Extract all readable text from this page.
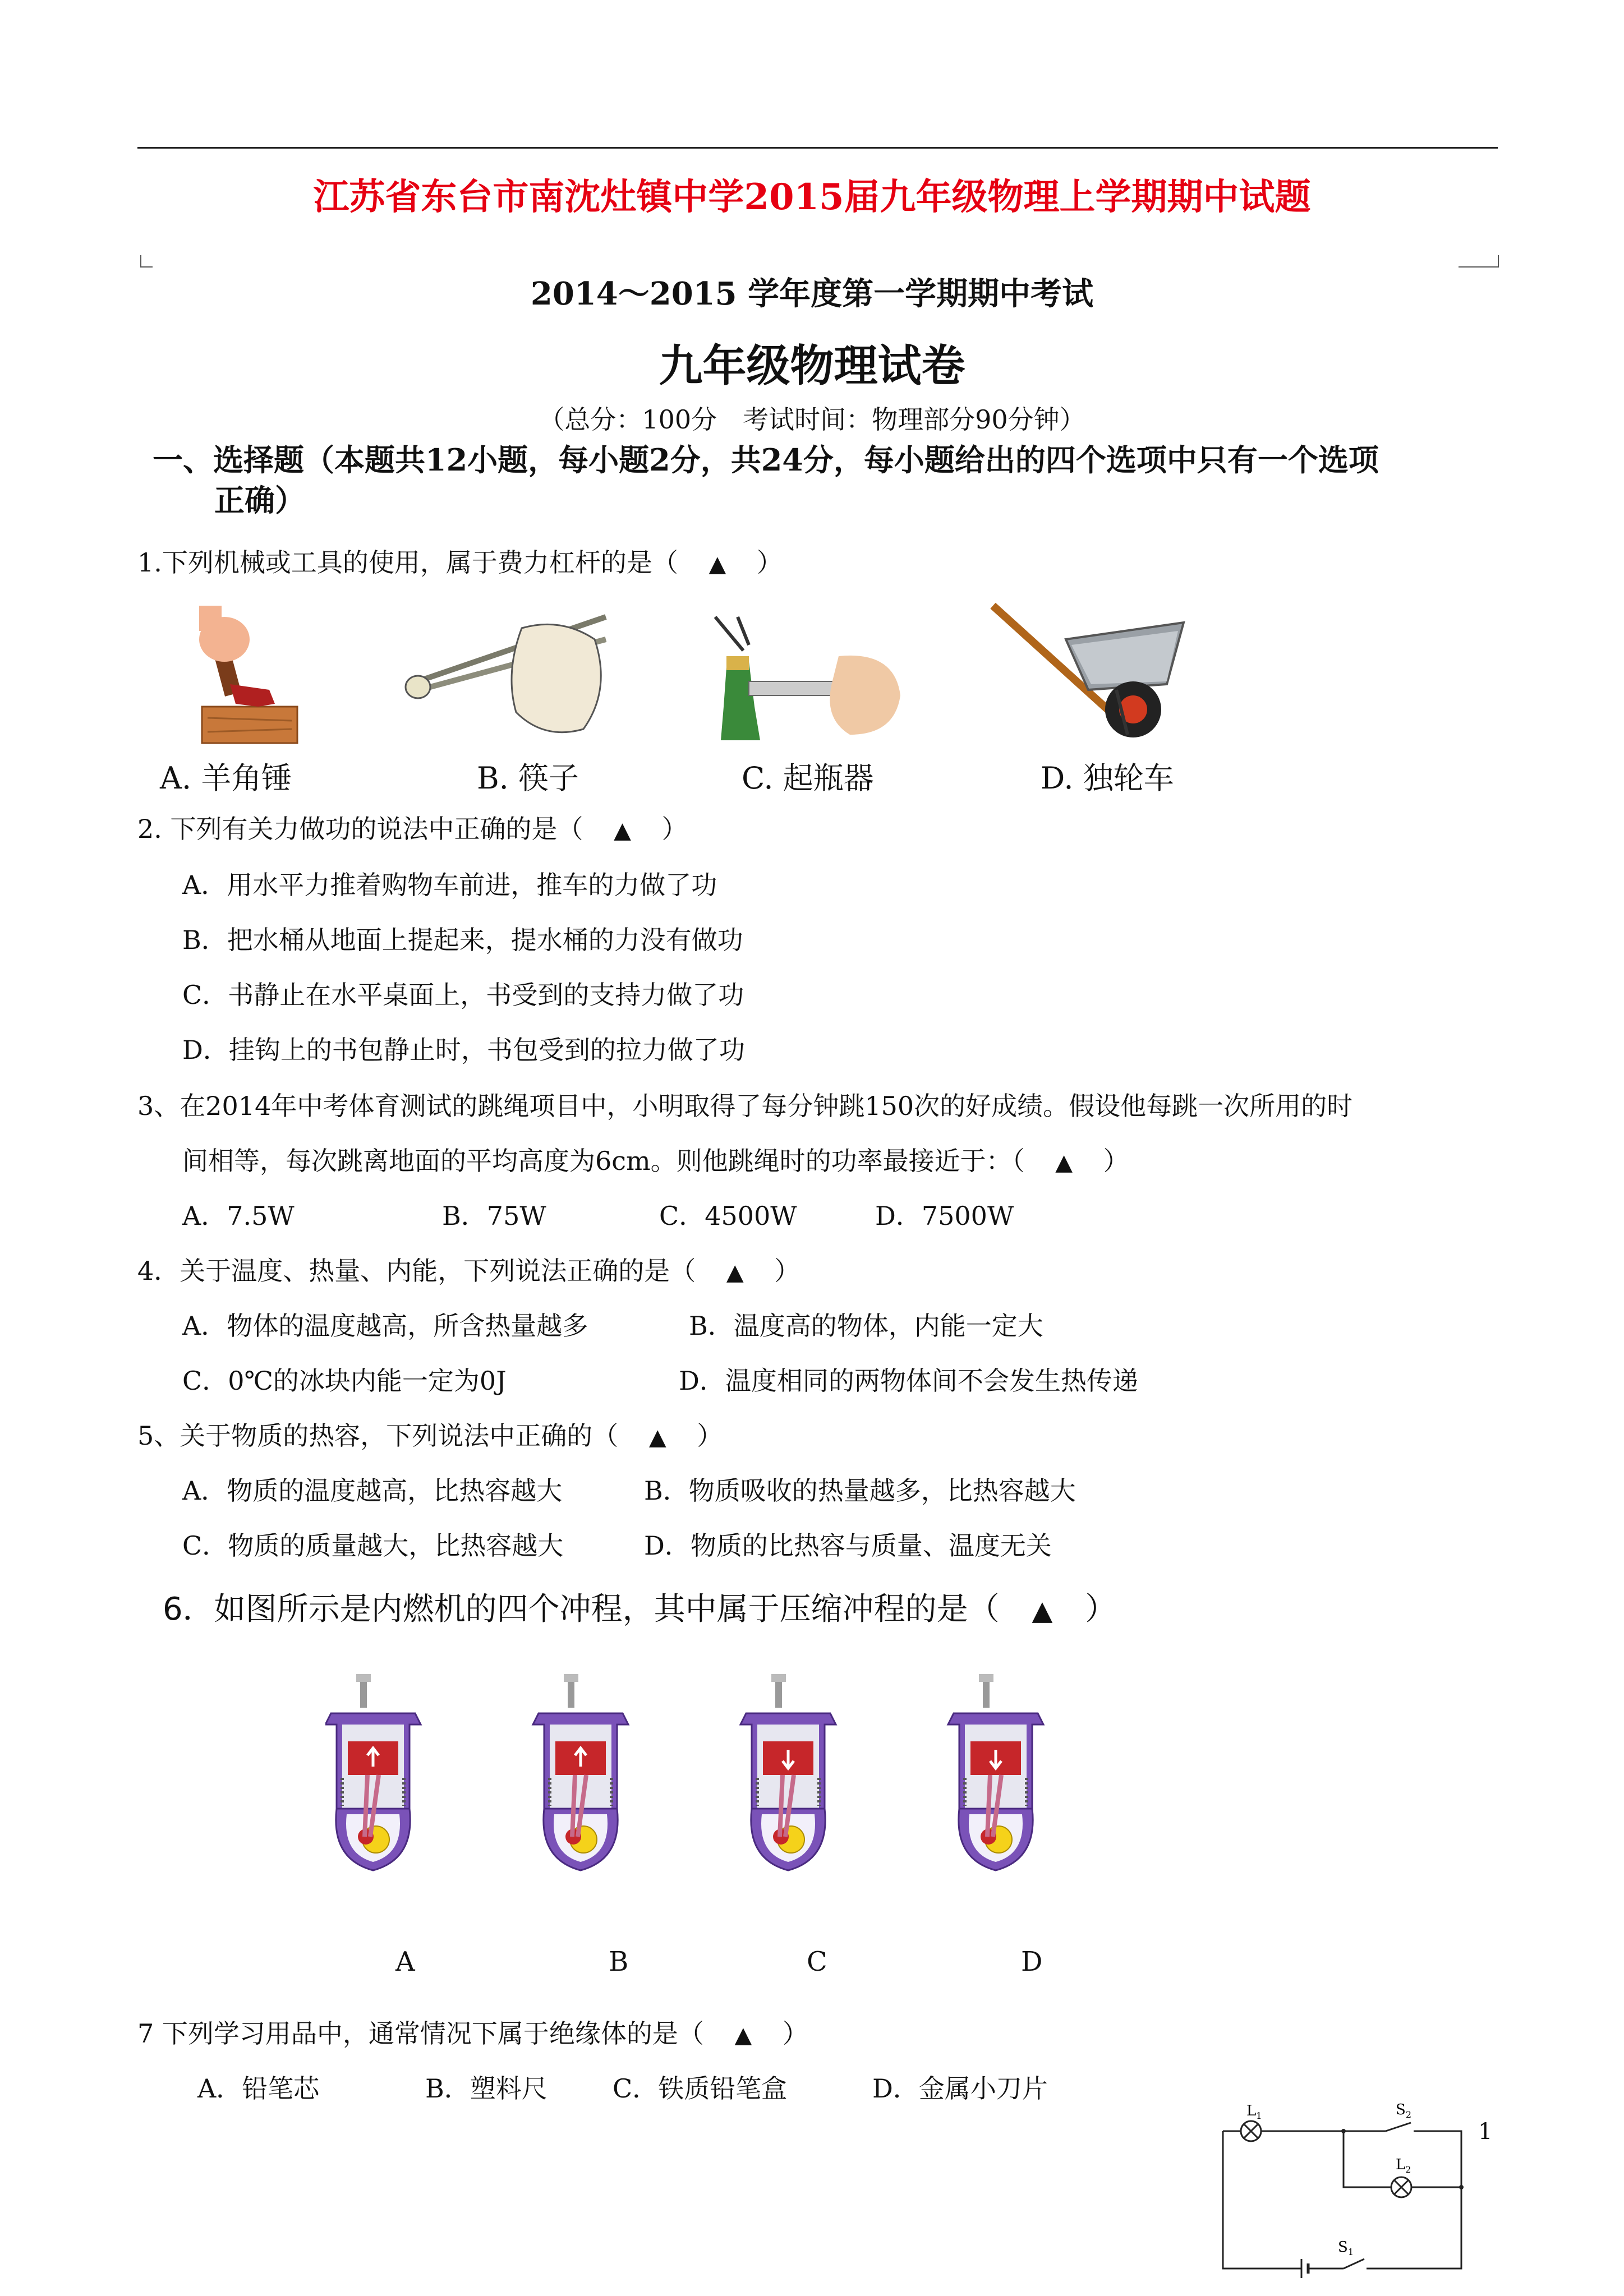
江苏省东台市南沈灶镇中学2015届九年级物理上学期期中试题
2014～2015 学年度第一学期期中考试
九年级物理试卷
（总分：100分　考试时间：物理部分90分钟）
一、选择题（本题共12小题，每小题2分，共24分，每小题给出的四个选项中只有一个选项
正确）
1.下列机械或工具的使用，属于费力杠杆的是（ ▲ ）
A. 羊角锤	B. 筷子	C. 起瓶器	D. 独轮车
2. 下列有关力做功的说法中正确的是（ ▲ ）
A．用水平力推着购物车前进，推车的力做了功
B．把水桶从地面上提起来，提水桶的力没有做功
C．书静止在水平桌面上，书受到的支持力做了功
D．挂钩上的书包静止时，书包受到的拉力做了功
3、在2014年中考体育测试的跳绳项目中，小明取得了每分钟跳150次的好成绩。假设他每跳一次所用的时
间相等，每次跳离地面的平均高度为6cm。则他跳绳时的功率最接近于：（ ▲ ）
A．7.5W	B．75W	C．4500W	D．7500W
4．关于温度、热量、内能，下列说法正确的是（ ▲ ）
A．物体的温度越高，所含热量越多	B．温度高的物体，内能一定大
C．0℃的冰块内能一定为0J	D．温度相同的两物体间不会发生热传递
5、关于物质的热容，下列说法中正确的（ ▲ ）
A．物质的温度越高，比热容越大	B．物质吸收的热量越多，比热容越大
C．物质的质量越大，比热容越大	D．物质的比热容与质量、温度无关
6．如图所示是内燃机的四个冲程，其中属于压缩冲程的是（ ▲ ）
A	B	C	D
7 下列学习用品中，通常情况下属于绝缘体的是（ ▲ ）
A．铅笔芯	B．塑料尺	C．铁质铅笔盒	D．金属小刀片
$L_1$
$L_2$
$S_2$
$S_1$
1
